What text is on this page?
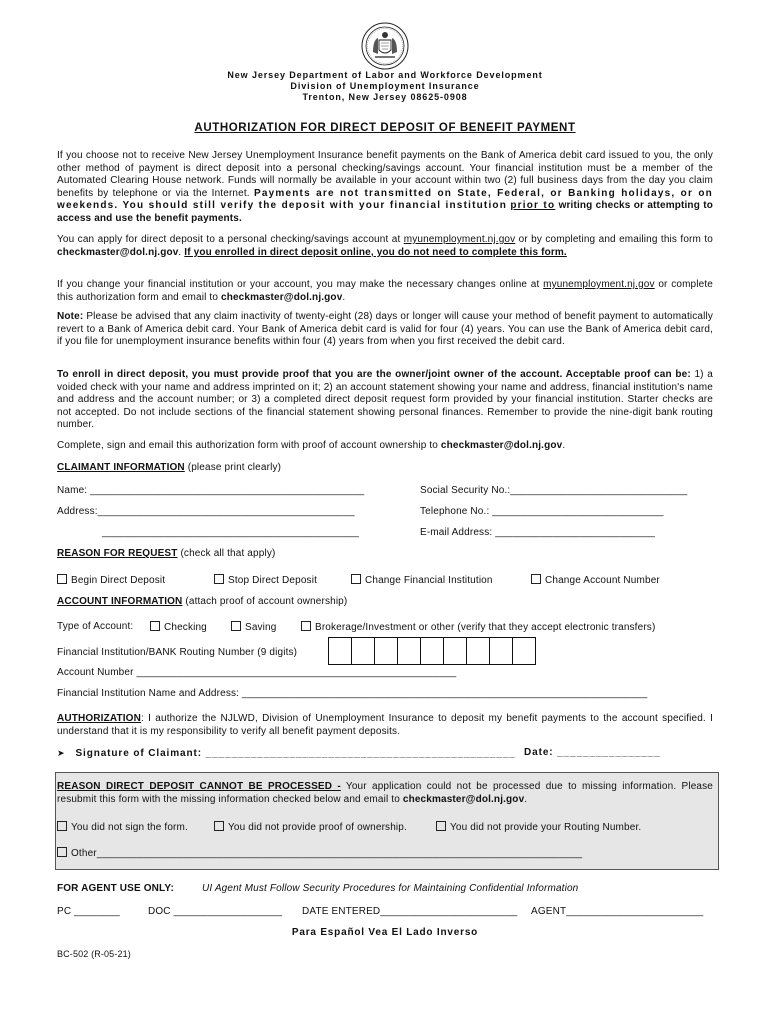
New Jersey Department of Labor and Workforce Development
Division of Unemployment Insurance
Trenton, New Jersey 08625-0908
AUTHORIZATION FOR DIRECT DEPOSIT OF BENEFIT PAYMENT
If you choose not to receive New Jersey Unemployment Insurance benefit payments on the Bank of America debit card issued to you, the only other method of payment is direct deposit into a personal checking/savings account. Your financial institution must be a member of the Automated Clearing House network. Funds will normally be available in your account within two (2) full business days from the day you claim benefits by telephone or via the Internet. Payments are not transmitted on State, Federal, or Banking holidays, or on weekends. You should still verify the deposit with your financial institution prior to writing checks or attempting to access and use the benefit payments.
You can apply for direct deposit to a personal checking/savings account at myunemployment.nj.gov or by completing and emailing this form to checkmaster@dol.nj.gov. If you enrolled in direct deposit online, you do not need to complete this form.
If you change your financial institution or your account, you may make the necessary changes online at myunemployment.nj.gov or complete this authorization form and email to checkmaster@dol.nj.gov.
Note: Please be advised that any claim inactivity of twenty-eight (28) days or longer will cause your method of benefit payment to automatically revert to a Bank of America debit card. Your Bank of America debit card is valid for four (4) years. You can use the Bank of America debit card, if you file for unemployment insurance benefits within four (4) years from when you first received the debit card.
To enroll in direct deposit, you must provide proof that you are the owner/joint owner of the account. Acceptable proof can be: 1) a voided check with your name and address imprinted on it; 2) an account statement showing your name and address, financial institution's name and address and the account number; or 3) a completed direct deposit request form provided by your financial institution. Starter checks are not accepted. Do not include sections of the financial statement showing personal finances. Remember to provide the nine-digit bank routing number.
Complete, sign and email this authorization form with proof of account ownership to checkmaster@dol.nj.gov.
CLAIMANT INFORMATION (please print clearly)
Name: ________________________________________________	Social Security No.:_______________________________
Address:_____________________________________________	Telephone No.: ______________________________
_____________________________________________	E-mail Address: ____________________________
REASON FOR REQUEST (check all that apply)
Begin Direct Deposit	Stop Direct Deposit	Change Financial Institution	Change Account Number
ACCOUNT INFORMATION (attach proof of account ownership)
Type of Account:	Checking	Saving	Brokerage/Investment or other (verify that they accept electronic transfers)
Financial Institution/BANK Routing Number (9 digits)
Account Number ________________________________________________________
Financial Institution Name and Address: _______________________________________________________________________
AUTHORIZATION: I authorize the NJLWD, Division of Unemployment Insurance to deposit my benefit payments to the account specified. I understand that it is my responsibility to verify all benefit payment deposits.
➤ Signature of Claimant: ________________________________________________ Date: ________________
REASON DIRECT DEPOSIT CANNOT BE PROCESSED - Your application could not be processed due to missing information. Please resubmit this form with the missing information checked below and email to checkmaster@dol.nj.gov.
You did not sign the form.	You did not provide proof of ownership.	You did not provide your Routing Number.
Other_____________________________________________________________________________________
FOR AGENT USE ONLY:	UI Agent Must Follow Security Procedures for Maintaining Confidential Information
PC ________	DOC ___________________ DATE ENTERED________________________ AGENT________________________
Para Español Vea El Lado Inverso
BC-502 (R-05-21)
